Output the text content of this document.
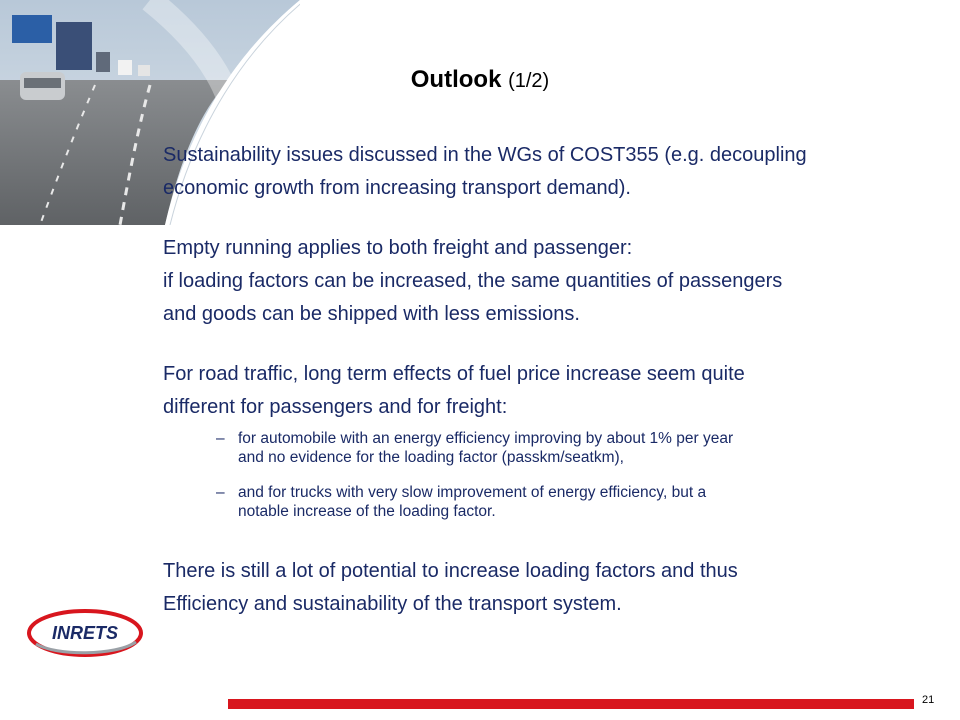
Outlook (1/2)
Sustainability issues discussed in the WGs of COST355 (e.g. decoupling
economic growth from increasing transport demand).
Empty running applies to both freight and passenger:
if loading factors can be increased, the same quantities of passengers
and goods can be shipped with less emissions.
For road traffic, long term effects of fuel price increase seem quite
different for passengers and for freight:
– for automobile with an energy efficiency improving by about 1% per year
and no evidence for the loading factor (passkm/seatkm),
– and for trucks with very slow improvement of energy efficiency, but a
notable increase of the loading factor.
There is still a lot of potential to increase loading factors and thus
Efficiency and sustainability of the transport system.
INRETS
21
